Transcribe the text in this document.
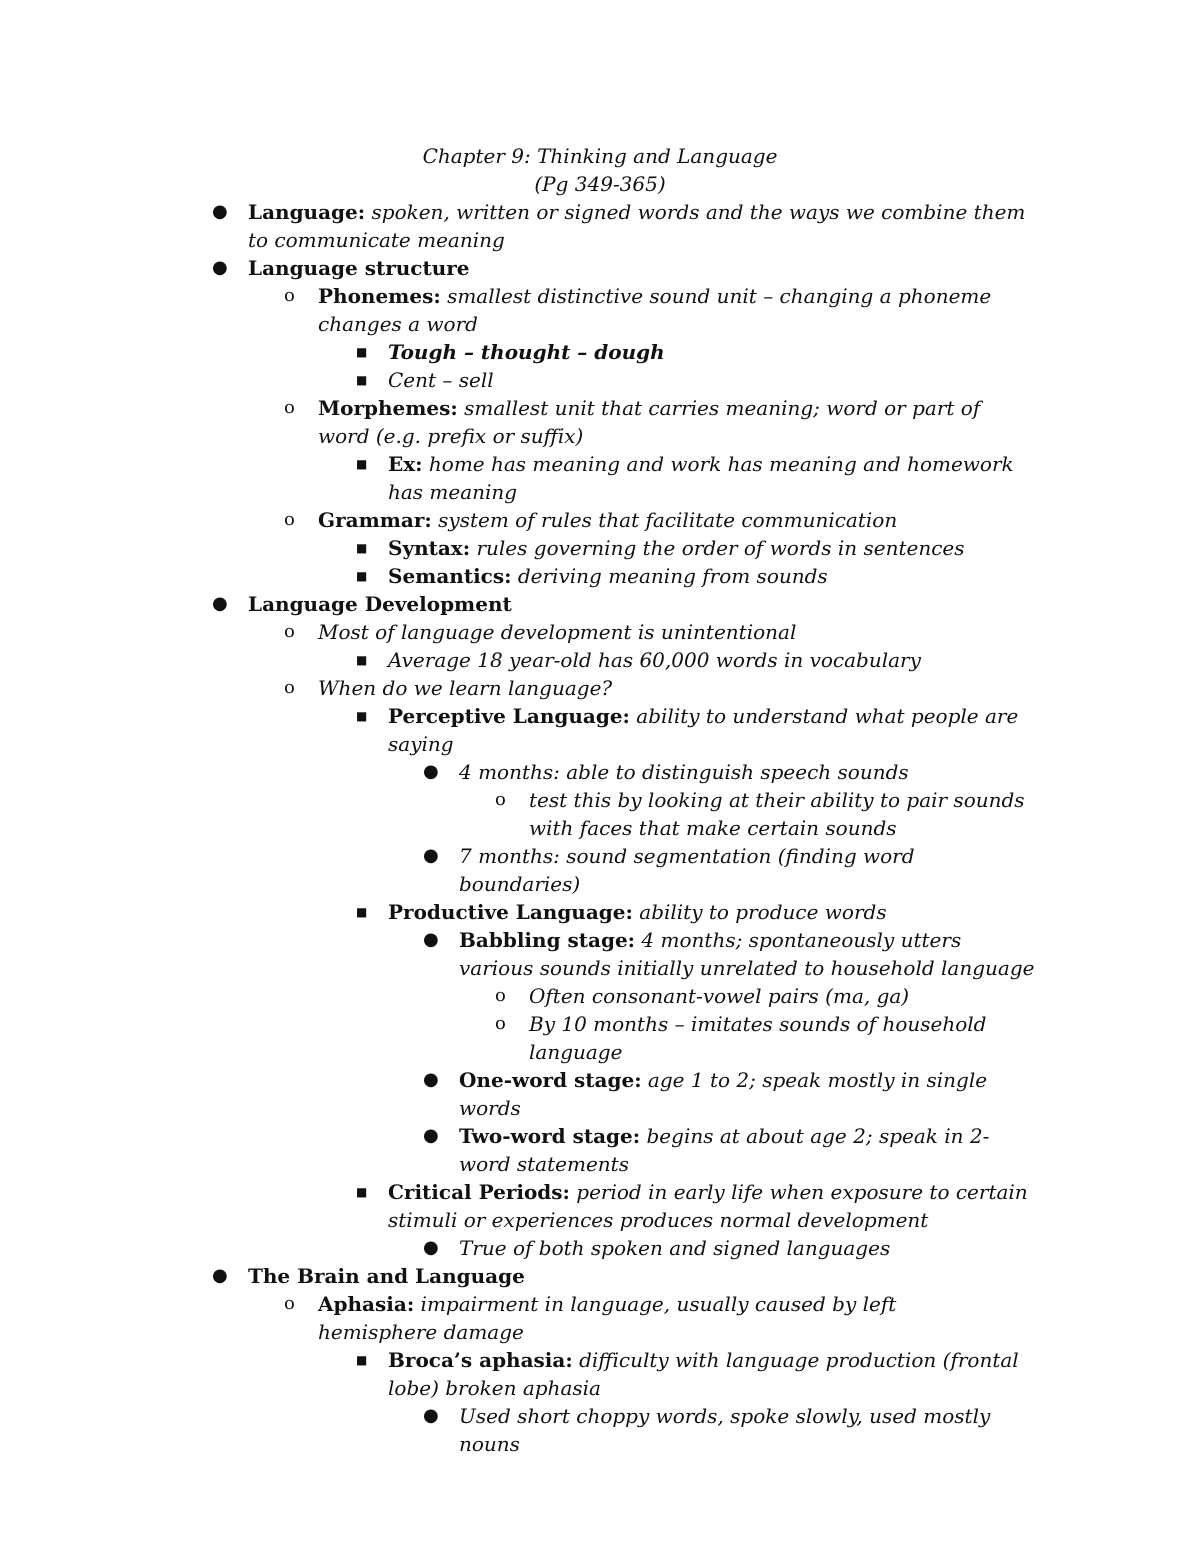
Chapter 9: Thinking and Language
(Pg 349-365)
● Language: spoken, written or signed words and the ways we combine them to communicate meaning
● Language structure
o Phonemes: smallest distinctive sound unit – changing a phoneme changes a word
■ Tough – thought – dough
■ Cent – sell
o Morphemes: smallest unit that carries meaning; word or part of word (e.g. prefix or suffix)
■ Ex: home has meaning and work has meaning and homework has meaning
o Grammar: system of rules that facilitate communication
■ Syntax: rules governing the order of words in sentences
■ Semantics: deriving meaning from sounds
● Language Development
o Most of language development is unintentional
■ Average 18 year-old has 60,000 words in vocabulary
o When do we learn language?
■ Perceptive Language: ability to understand what people are saying
● 4 months: able to distinguish speech sounds
o test this by looking at their ability to pair sounds with faces that make certain sounds
● 7 months: sound segmentation (finding word boundaries)
■ Productive Language: ability to produce words
● Babbling stage: 4 months; spontaneously utters various sounds initially unrelated to household language
o Often consonant-vowel pairs (ma, ga)
o By 10 months – imitates sounds of household language
● One-word stage: age 1 to 2; speak mostly in single words
● Two-word stage: begins at about age 2; speak in 2-word statements
■ Critical Periods: period in early life when exposure to certain stimuli or experiences produces normal development
● True of both spoken and signed languages
● The Brain and Language
o Aphasia: impairment in language, usually caused by left hemisphere damage
■ Broca’s aphasia: difficulty with language production (frontal lobe) broken aphasia
● Used short choppy words, spoke slowly, used mostly nouns
